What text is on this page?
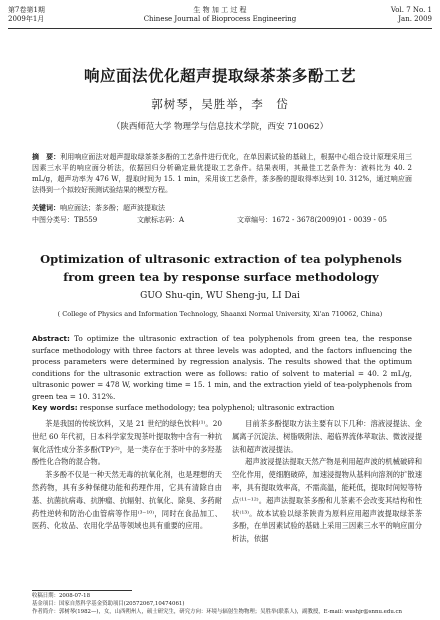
第7卷第1期
2009年1月
生 物 加 工 过 程
Chinese Journal of Bioprocess Engineering
Vol. 7 No. 1
Jan. 2009
响应面法优化超声提取绿茶茶多酚工艺
郭树琴，吴胜举，李　岱
（陕西师范大学 物理学与信息技术学院，西安 710062）
摘　要：利用响应面法对超声提取绿茶茶多酚的工艺条件进行优化，在单因素试验的基础上，根据中心组合设计原理采用三因素三水平的响应面分析法，依据回归分析确定最优提取工艺条件。结果表明，其最佳工艺条件为：液料比为 40. 2 mL/g，超声功率为 476 W，提取时间为 15. 1 min，采用该工艺条件，茶多酚的提取得率达到 10. 312%，通过响应面法得到一个拟较好预测试验结果的模型方程。
关键词：响应面法；茶多酚；超声波提取法
中图分类号：TB559	文献标志码：A	文章编号：1672 - 3678(2009)01 - 0039 - 05
Optimization of ultrasonic extraction of tea polyphenols from green tea by response surface methodology
GUO Shu-qin, WU Sheng-ju, LI Dai
( College of Physics and Information Technology, Shaanxi Normal University, Xi'an 710062, China)
Abstract: To optimize the ultrasonic extraction of tea polyphenols from green tea, the response surface methodology with three factors at three levels was adopted, and the factors influencing the process parameters were determined by regression analysis. The results showed that the optimum conditions for the ultrasonic extraction were as follows: ratio of solvent to material = 40. 2 mL/g, ultrasonic power = 478 W, working time = 15. 1 min, and the extraction yield of tea-polyphenols from green tea = 10. 312%.
Key words: response surface methodology; tea polyphenol; ultrasonic extraction

茶是我国的传统饮料，又是 21 世纪的绿色饮料⁽¹⁾。20 世纪 60 年代初，日本科学家发现茶叶提取物中含有一种抗氧化活性成分茶多酚(TP)⁽²⁾，是一类存在于茶叶中的多羟基酚性化合物的混合物。

茶多酚不仅是一种天然无毒的抗氧化剂，也是理想的天然药物，具有多种保健功能和药理作用，它具有清除自由基、抗菌抗病毒、抗肿瘤、抗辐射、抗氧化、除臭、多药耐药性逆转和防治心血管病等作用⁽³⁻¹⁰⁾，同时在食品加工、医药、化妆品、农用化学品等领域也具有重要的应用。

目前茶多酚提取方法主要有以下几种：溶液浸提法、金属离子沉淀法、树脂吸附法、超临界流体萃取法、微波浸提法和超声波浸提法。

超声波浸提法提取天然产物是利用超声波的机械破碎和空化作用，使细胞破碎，加速浸提物从基料向溶剂的扩散速率，具有提取效率高，不需高温，能耗低，提取时间短等特点⁽¹¹⁻¹²⁾。超声法提取茶多酚和儿茶素不会改变其结构和性状⁽¹³⁾。故本试验以绿茶陕青为原料应用超声波提取绿茶茶多酚，在单因素试验的基础上采用三因素三水平的响应面分析法，依据

收稿日期：2008-07-18
基金项目：国家自然科学基金资助项目(20572067,10474061)
作者简介：郭树琴(1982—)，女，山西朔州人，硕士研究生，研究方向：环境与辐射生物物理；吴胜举(联系人)，副教授，E-mail: wushjr@snnu.edu.cn
